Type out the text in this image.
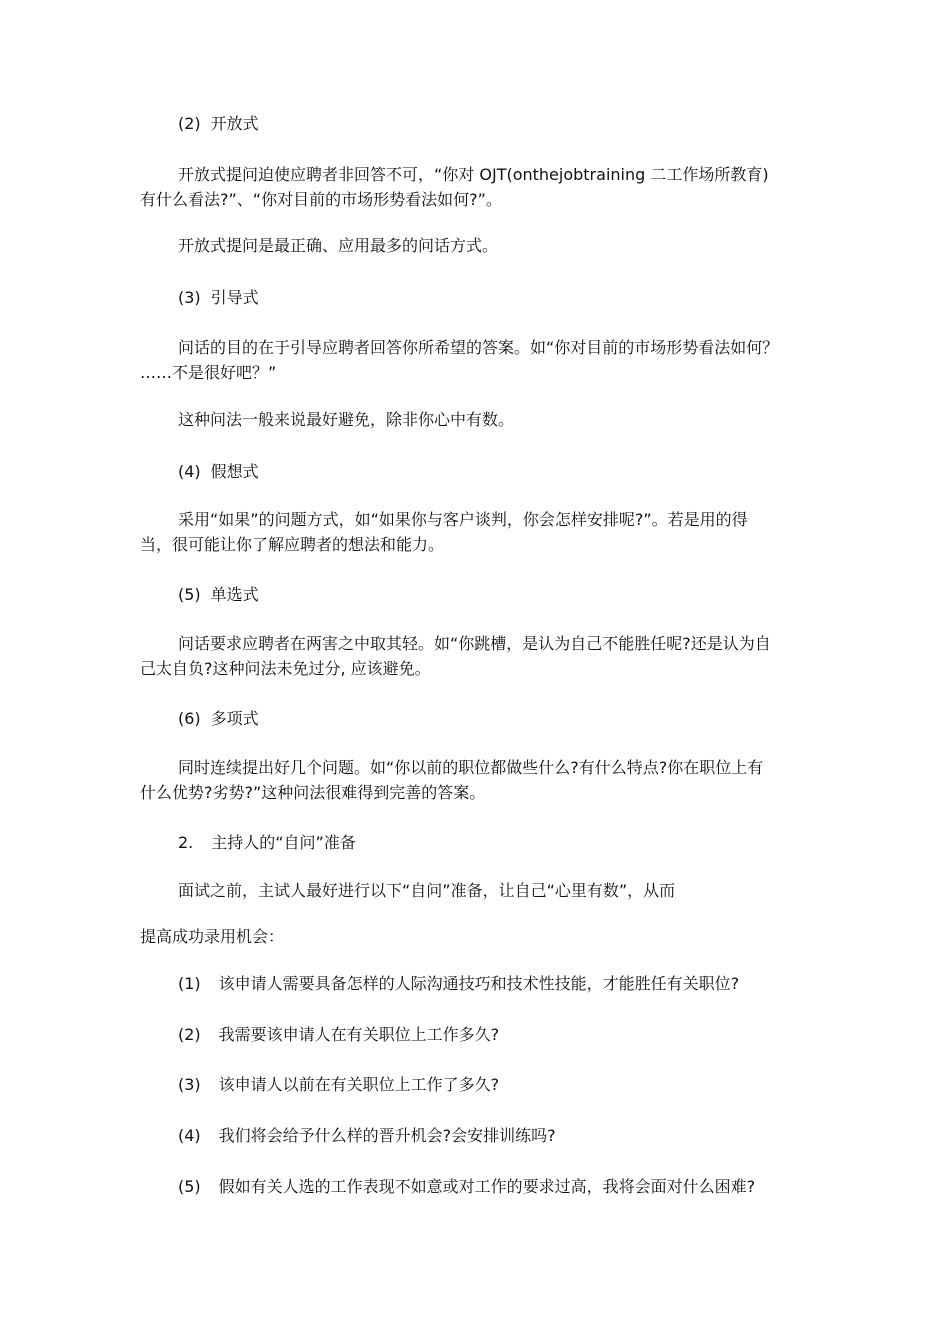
(2) 开放式
开放式提问迫使应聘者非回答不可，“你对 OJT(onthejobtraining 二工作场所教育)
有什么看法?”、“你对目前的市场形势看法如何?”。
开放式提问是最正确、应用最多的问话方式。
(3) 引导式
问话的目的在于引导应聘者回答你所希望的答案。如“你对目前的市场形势看法如何？
……不是很好吧？”
这种问法一般来说最好避免，除非你心中有数。
(4) 假想式
采用“如果”的问题方式，如“如果你与客户谈判，你会怎样安排呢?”。若是用的得
当，很可能让你了解应聘者的想法和能力。
(5) 单选式
问话要求应聘者在两害之中取其轻。如“你跳槽，是认为自己不能胜任呢?还是认为自
己太自负?这种问法未免过分, 应该避免。
(6) 多项式
同时连续提出好几个问题。如“你以前的职位都做些什么?有什么特点?你在职位上有
什么优势?劣势?”这种问法很难得到完善的答案。
2. 主持人的“自问”准备
面试之前，主试人最好进行以下“自问”准备，让自己“心里有数”，从而
提高成功录用机会：
(1) 该申请人需要具备怎样的人际沟通技巧和技术性技能，才能胜任有关职位?
(2) 我需要该申请人在有关职位上工作多久?
(3) 该申请人以前在有关职位上工作了多久?
(4) 我们将会给予什么样的晋升机会?会安排训练吗?
(5) 假如有关人选的工作表现不如意或对工作的要求过高，我将会面对什么困难?
